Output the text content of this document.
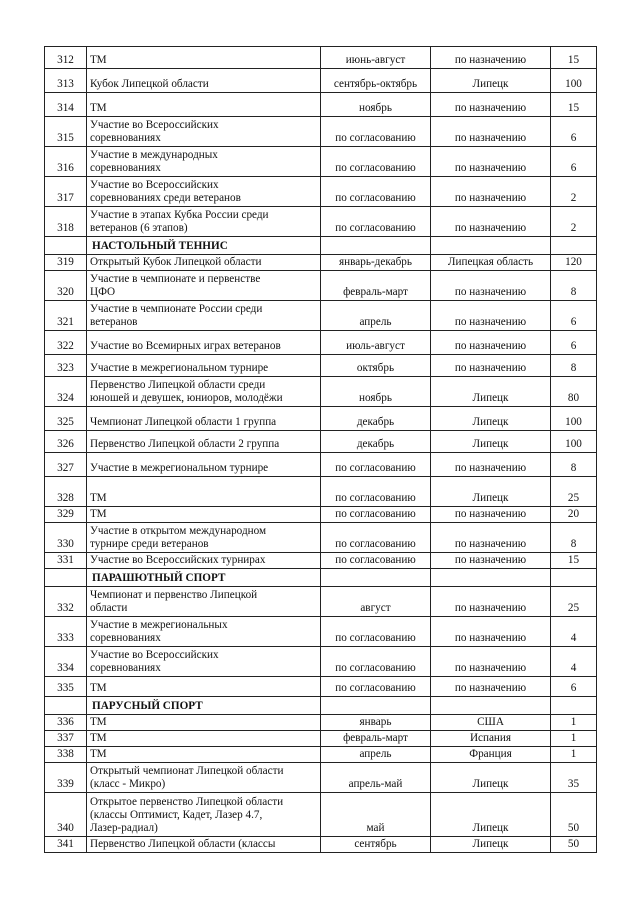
312	ТМ	июнь-август	по назначению	15
313	Кубок Липецкой области	сентябрь-октябрь	Липецк	100
314	ТМ	ноябрь	по назначению	15
315	Участие во Всероссийских
соревнованиях	по согласованию	по назначению	6
316	Участие в международных
соревнованиях	по согласованию	по назначению	6
317	Участие во Всероссийских
соревнованиях среди ветеранов	по согласованию	по назначению	2
318	Участие в этапах Кубка России среди
ветеранов (6 этапов)	по согласованию	по назначению	2
	НАСТОЛЬНЫЙ ТЕННИС			
319	Открытый Кубок Липецкой области	январь-декабрь	Липецкая область	120
320	Участие в чемпионате и первенстве
ЦФО	февраль-март	по назначению	8
321	Участие в чемпионате России среди
ветеранов	апрель	по назначению	6
322	Участие во Всемирных играх ветеранов	июль-август	по назначению	6
323	Участие в межрегиональном турнире	октябрь	по назначению	8
324	Первенство Липецкой области среди
юношей и девушек, юниоров, молодёжи	ноябрь	Липецк	80
325	Чемпионат Липецкой области 1 группа	декабрь	Липецк	100
326	Первенство Липецкой области 2 группа	декабрь	Липецк	100
327	Участие в межрегиональном турнире	по согласованию	по назначению	8
328	ТМ	по согласованию	Липецк	25
329	ТМ	по согласованию	по назначению	20
330	Участие в открытом международном
турнире среди ветеранов	по согласованию	по назначению	8
331	Участие во Всероссийских турнирах	по согласованию	по назначению	15
	ПАРАШЮТНЫЙ СПОРТ			
332	Чемпионат и первенство Липецкой
области	август	по назначению	25
333	Участие в межрегиональных
соревнованиях	по согласованию	по назначению	4
334	Участие во Всероссийских
соревнованиях	по согласованию	по назначению	4
335	ТМ	по согласованию	по назначению	6
	ПАРУСНЫЙ СПОРТ			
336	ТМ	январь	США	1
337	ТМ	февраль-март	Испания	1
338	ТМ	апрель	Франция	1
339	Открытый чемпионат Липецкой области
(класс - Микро)	апрель-май	Липецк	35
340	Открытое первенство Липецкой области
(классы Оптимист, Кадет, Лазер 4.7,
Лазер-радиал)	май	Липецк	50
341	Первенство Липецкой области (классы	сентябрь	Липецк	50
